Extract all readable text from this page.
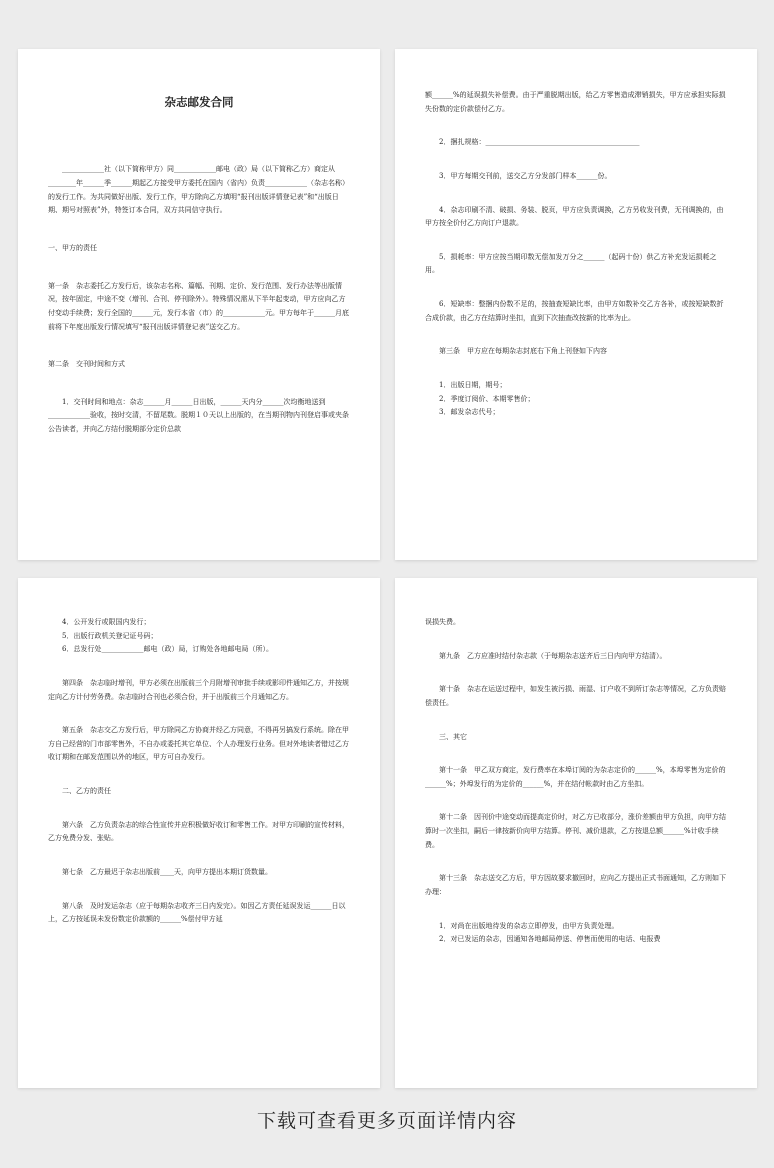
杂志邮发合同

____________社（以下简称甲方）同____________邮电（政）局（以下简称乙方）商定从________年______季______期起乙方接受甲方委托在国内（省内）负责____________（杂志名称）的发行工作。为共同做好出版、发行工作，甲方除向乙方填明“报刊出版详情登记表”和“出版日期、期号对照表”外，特签订本合同，双方共同信守执行。

一、甲方的责任

第一条　杂志委托乙方发行后，该杂志名称、篇幅、刊期、定价、发行范围、发行办法等出版情况，按年固定，中途不变（增刊、合刊、停刊除外）。特殊情况需从下半年起变动，甲方应向乙方付变动手续费；发行全国的______元，发行本省（市）的____________元。甲方每年于______月底前将下年度出版发行情况填写“报刊出版详情登记表”送交乙方。

第二条　交刊时间和方式

1．交刊时间和地点：杂志______月______日出版，______天内分______次均衡地送到____________验收，按时交清，不留尾数。脱期１０天以上出版的，在当期刊物内刊登启事或夹条公告读者，并向乙方结付脱期部分定价总款

额______%的延误损失补偿费。由于严重脱期出版，给乙方零售造成滞销损失，甲方应承担实际损失份数的定价款偿付乙方。

2．捆扎规格：____________________________________________

3．甲方每期交刊前，送交乙方分发部门样本______份。

4．杂志印刷不清、破损、务装、脱页，甲方应负责调换，乙方另收发刊费，无刊调换的，由甲方按全价付乙方向订户退款。

5．损耗率：甲方应按当期印数无偿加发万分之______（起码十份）供乙方补充发运损耗之用。

6．短缺率：整捆内份数不足的，按抽查短缺比率，由甲方如数补交乙方各补，或按短缺数折合成价款，由乙方在结算时坐扣，直到下次抽查改按新的比率为止。

第三条　甲方应在每期杂志封底右下角上刊登如下内容

1．出版日期，期号；

2．季度订阅价、本期零售价；

3．邮发杂志代号；

4．公开发行或限国内发行；

5．出版行政机关登记证号码；

6．总发行处____________邮电（政）局，订购处各地邮电局（所）。

第四条　杂志临时增刊，甲方必须在出版前三个月附增刊审批手续或影印件通知乙方，并按规定向乙方计付劳务费。杂志临时合刊也必须合份，并于出版前三个月通知乙方。

第五条　杂志交乙方发行后，甲方除同乙方协商并经乙方同意，不得再另搞发行系统。除在甲方自己经营的门市部零售外，不自办或委托其它单位、个人办理发行业务。但对外地读者错过乙方收订期和在邮发范围以外的地区，甲方可自办发行。

二、乙方的责任

第六条　乙方负责杂志的综合性宣传并应积极做好收订和零售工作。对甲方印刷的宣传材料，乙方免费分发、张贴。

第七条　乙方最迟于杂志出版前____天，向甲方提出本期订货数量。

第八条　及时发运杂志（应于每期杂志收齐三日内发完）。如因乙方责任延误发运______日以上，乙方按延误未发份数定价款额的______%偿付甲方延

误损失费。

第九条　乙方应准时结付杂志款（于每期杂志送齐后三日内向甲方结清）。

第十条　杂志在运送过程中，如发生被污损、雨湿、订户收不到所订杂志等情况，乙方负责赔偿责任。

三、其它

第十一条　甲乙双方商定，发行费率在本埠订阅的为杂志定价的______%，本埠零售为定价的______%；外埠发行的为定价的______%，并在结付帐款时由乙方坐扣。

第十二条　因刊价中途变动而提高定价时，对乙方已收部分，涨价差额由甲方负担，向甲方结算时一次坐扣，嗣后一律按新价向甲方结算。停刊、减价退款，乙方按退总额______%计收手续费。

第十三条　杂志送交乙方后，甲方因故要求撤回时，应向乙方提出正式书面通知，乙方则如下办理：

1．对尚在出版地待发的杂志立即停发，由甲方负责处理。

2．对已发运的杂志，因通知各地邮局停送、停售而使用的电话、电报费

下载可查看更多页面详情内容
